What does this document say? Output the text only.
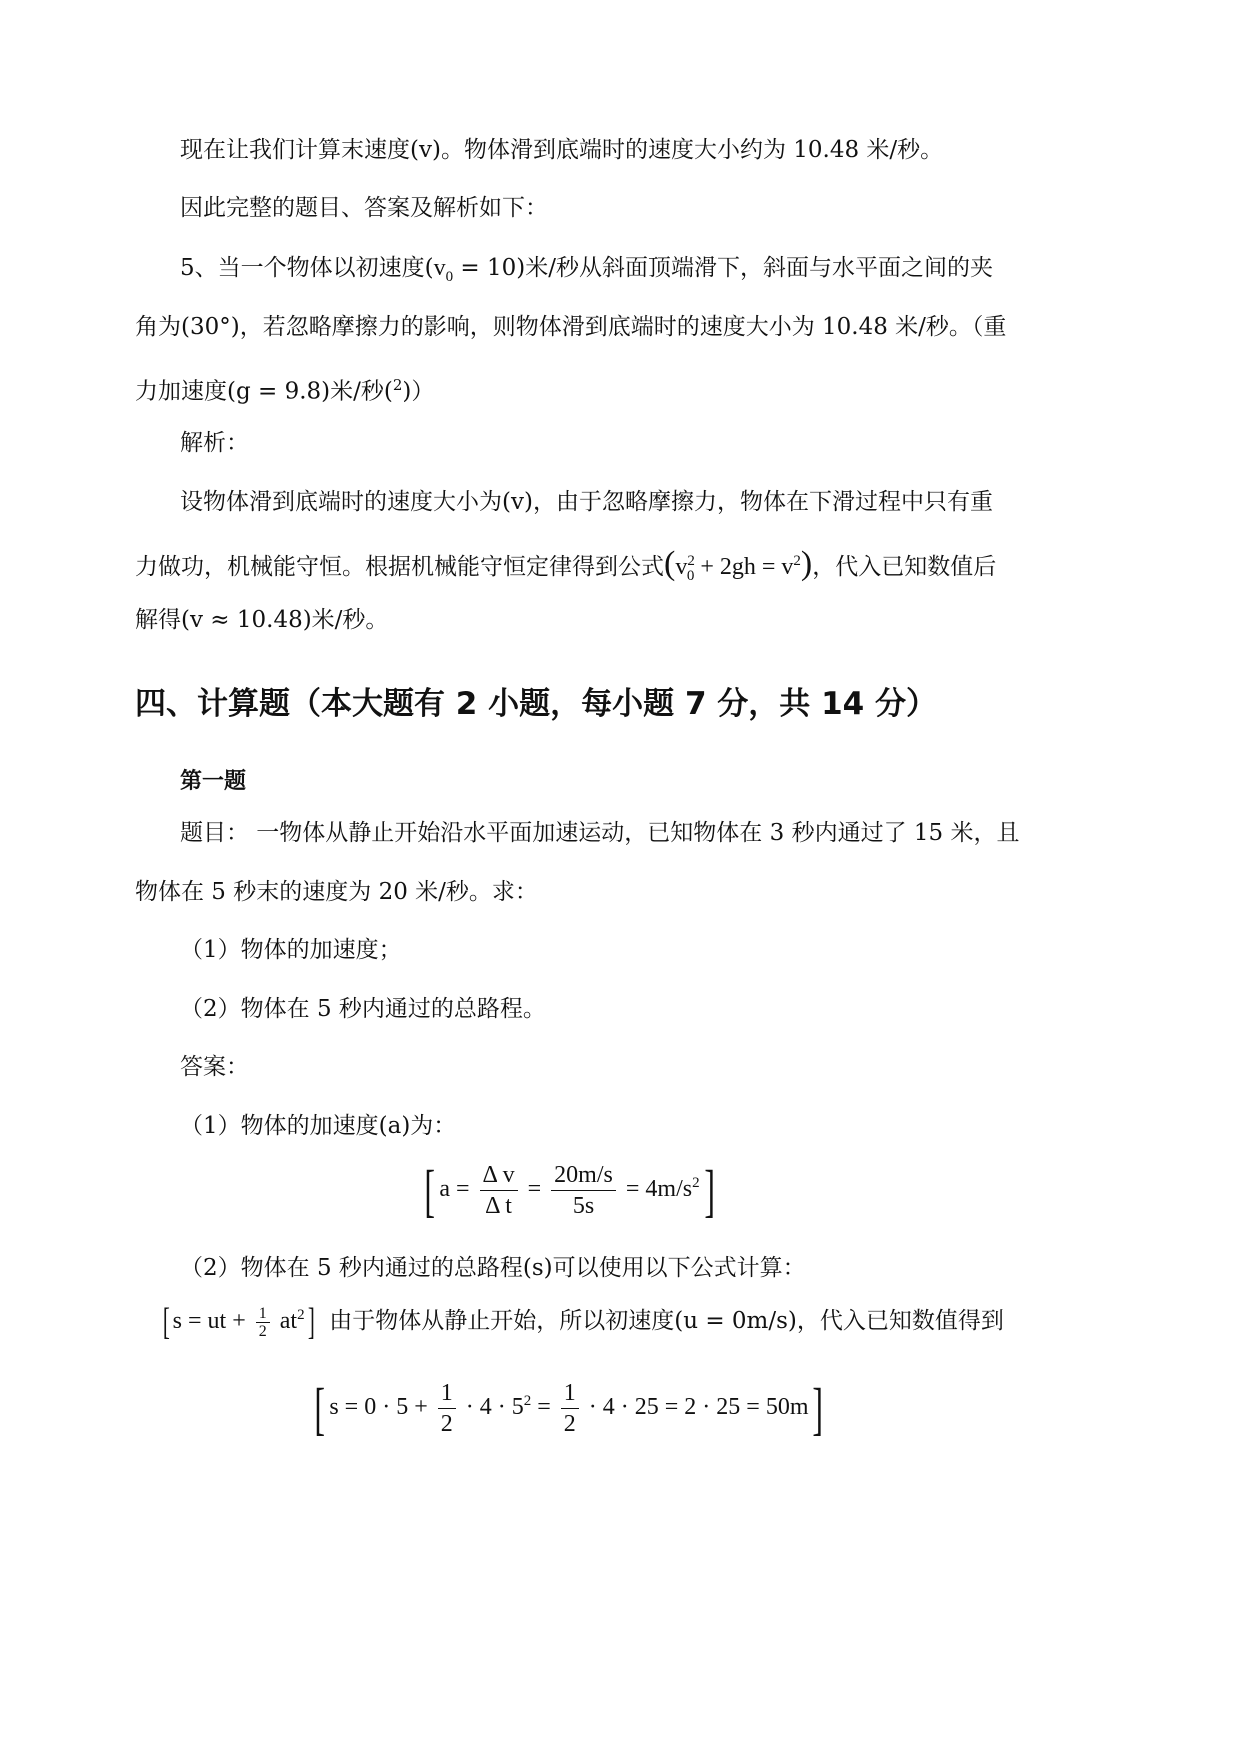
现在让我们计算末速度(v)。物体滑到底端时的速度大小约为 10.48 米/秒。
因此完整的题目、答案及解析如下：
5、当一个物体以初速度$(v_0 = 10)$米/秒从斜面顶端滑下，斜面与水平面之间的夹
角为(30°)，若忽略摩擦力的影响，则物体滑到底端时的速度大小为 10.48 米/秒。（重
力加速度(g = 9.8)米/秒($^2$)）
解析：
设物体滑到底端时的速度大小为(v)，由于忽略摩擦力，物体在下滑过程中只有重
力做功，机械能守恒。根据机械能守恒定律得到公式$(v^2_0 + 2gh = v^2)$，代入已知数值后
解得(v ≈ 10.48)米/秒。
四、计算题（本大题有 2 小题，每小题 7 分，共 14 分）
第一题
题目： 一物体从静止开始沿水平面加速运动，已知物体在 3 秒内通过了 15 米，且
物体在 5 秒末的速度为 20 米/秒。求：
（1）物体的加速度；
（2）物体在 5 秒内通过的总路程。
答案：
（1）物体的加速度(a)为：
[ $a = \frac{\text{Δ v}}{\text{Δ t}} = \frac{20m/s}{5s} = 4m/s^2$]
（2）物体在 5 秒内通过的总路程(s)可以使用以下公式计算：
[ s = ut + $\frac{1}{2} at^2$] 由于物体从静止开始，所以初速度(u = 0m/s)，代入已知数值得到
[ $s = 0 \cdot 5 + \frac{1}{2} \cdot 4 \cdot 5^2 = \frac{1}{2} \cdot 4 \cdot 25 = 2 \cdot 25 = 50m$]
